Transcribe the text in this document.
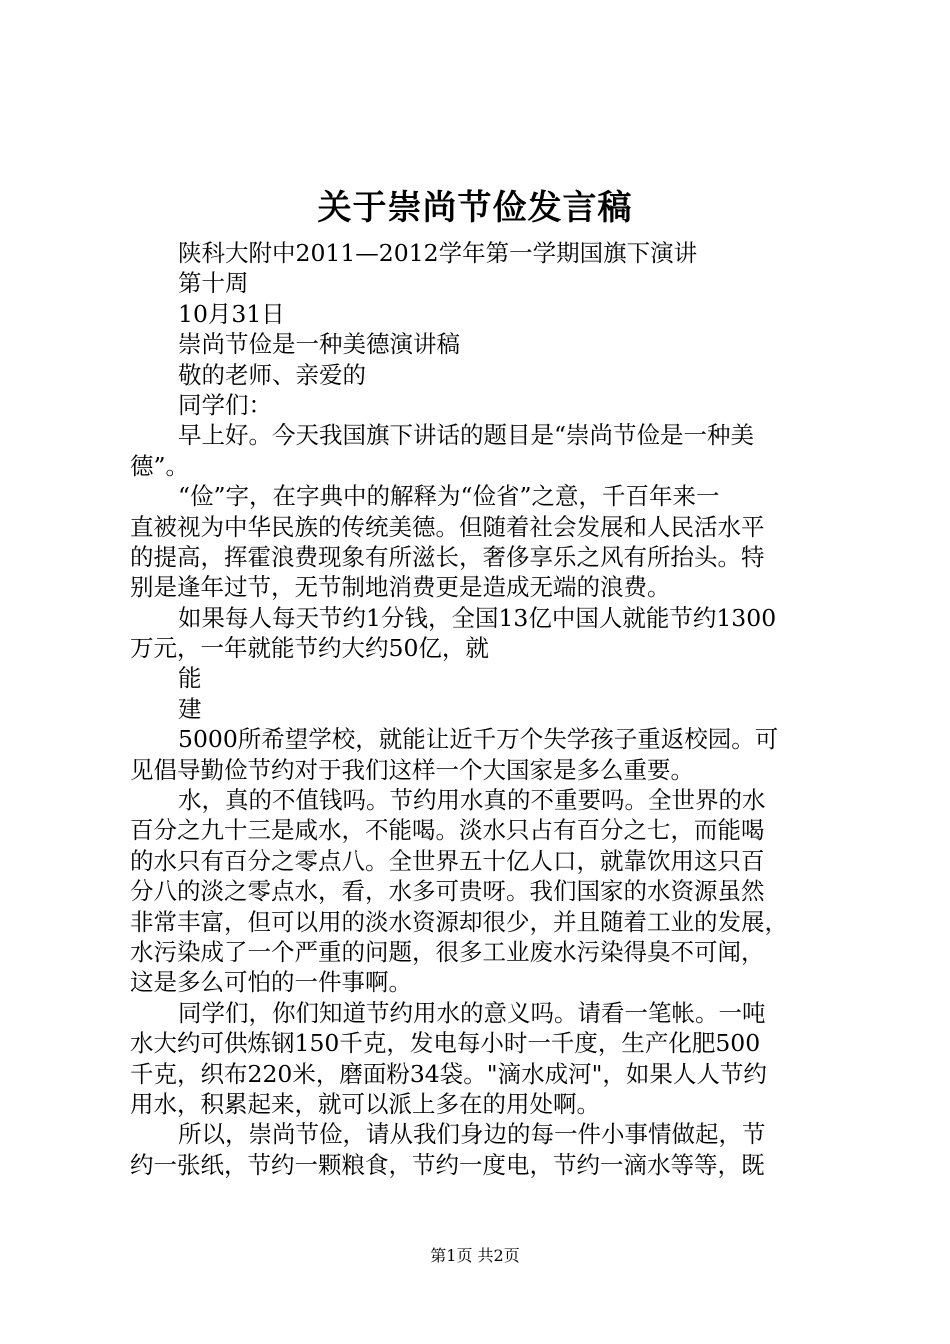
关于崇尚节俭发言稿
陕科大附中2011—2012学年第一学期国旗下演讲
第十周
10月31日
崇尚节俭是一种美德演讲稿
敬的老师、亲爱的
同学们：
早上好。今天我国旗下讲话的题目是“崇尚节俭是一种美
德”。
“俭”字，在字典中的解释为“俭省”之意，千百年来一
直被视为中华民族的传统美德。但随着社会发展和人民活水平
的提高，挥霍浪费现象有所滋长，奢侈享乐之风有所抬头。特
别是逢年过节，无节制地消费更是造成无端的浪费。
如果每人每天节约1分钱，全国13亿中国人就能节约1300
万元，一年就能节约大约50亿，就
能
建
5000所希望学校，就能让近千万个失学孩子重返校园。可
见倡导勤俭节约对于我们这样一个大国家是多么重要。
水，真的不值钱吗。节约用水真的不重要吗。全世界的水
百分之九十三是咸水，不能喝。淡水只占有百分之七，而能喝
的水只有百分之零点八。全世界五十亿人口，就靠饮用这只百
分八的淡之零点水，看，水多可贵呀。我们国家的水资源虽然
非常丰富，但可以用的淡水资源却很少，并且随着工业的发展，
水污染成了一个严重的问题，很多工业废水污染得臭不可闻，
这是多么可怕的一件事啊。
同学们，你们知道节约用水的意义吗。请看一笔帐。一吨
水大约可供炼钢150千克，发电每小时一千度，生产化肥500
千克，织布220米，磨面粉34袋。"滴水成河"，如果人人节约
用水，积累起来，就可以派上多在的用处啊。
所以，崇尚节俭，请从我们身边的每一件小事情做起，节
约一张纸，节约一颗粮食，节约一度电，节约一滴水等等，既
第1页 共2页
